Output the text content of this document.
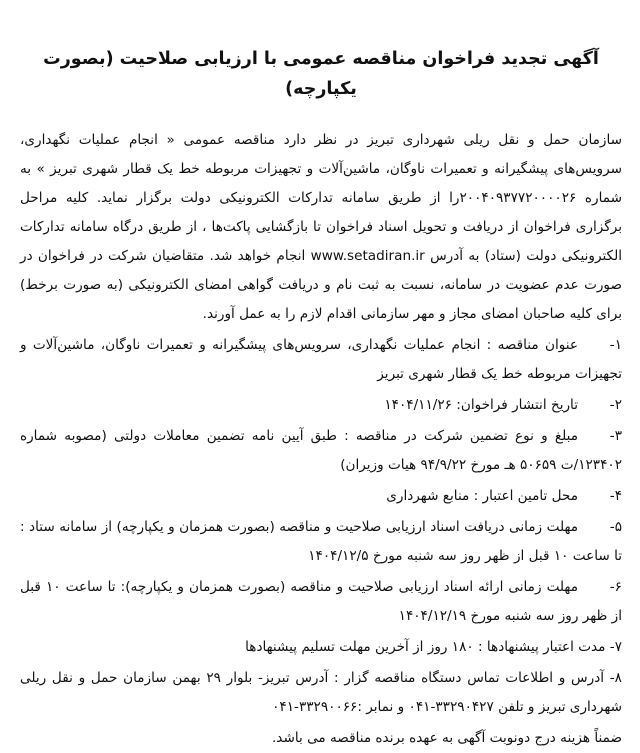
آگهی تجدید فراخوان مناقصه عمومی با ارزیابی صلاحیت (بصورت یکپارچه)

سازمان حمل و نقل ریلی شهرداری تبریز در نظر دارد مناقصه عمومی « انجام عملیات نگهداری، سرویس‌های پیشگیرانه و تعمیرات ناوگان، ماشین‌آلات و تجهیزات مربوطه خط یک قطار شهری تبریز » به شماره ۲۰۰۴۰۹۳۷۷۲۰۰۰۰۲۶را از طریق سامانه تدارکات الکترونیکی دولت برگزار نماید. کلیه مراحل برگزاری فراخوان از دریافت و تحویل اسناد فراخوان تا بازگشایی پاکت‌ها ، از طریق درگاه سامانه تدارکات الکترونیکی دولت (ستاد) به آدرس www.setadiran.ir انجام خواهد شد. متقاضیان شرکت در فراخوان در صورت عدم عضویت در سامانه، نسبت به ثبت نام و دریافت گواهی امضای الکترونیکی (به صورت برخط) برای کلیه صاحبان امضای مجاز و مهر سازمانی اقدام لازم را به عمل آورند.

۱-عنوان مناقصه : انجام عملیات نگهداری، سرویس‌های پیشگیرانه و تعمیرات ناوگان، ماشین‌آلات و تجهیزات مربوطه خط یک قطار شهری تبریز

۲-تاریخ انتشار فراخوان: ۱۴۰۴/۱۱/۲۶

۳-مبلغ و نوع تضمین شرکت در مناقصه : طبق آیین نامه تضمین معاملات دولتی (مصوبه شماره ۱۲۳۴۰۲/ت ۵۰۶۵۹ هـ مورخ ۹۴/۹/۲۲ هیات وزیران)

۴-محل تامین اعتبار : منابع شهرداری

۵-مهلت زمانی دریافت اسناد ارزیابی صلاحیت و مناقصه (بصورت همزمان و یکپارچه) از سامانه ستاد : تا ساعت ۱۰ قبل از ظهر روز سه شنبه مورخ ۱۴۰۴/۱۲/۵

۶-مهلت زمانی ارائه اسناد ارزیابی صلاحیت و مناقصه (بصورت همزمان و یکپارچه): تا ساعت ۱۰ قبل از ظهر روز سه شنبه مورخ ۱۴۰۴/۱۲/۱۹

۷- مدت اعتبار پیشنهادها : ۱۸۰ روز از آخرین مهلت تسلیم پیشنهادها

۸- آدرس و اطلاعات تماس دستگاه مناقصه گزار : آدرس تبریز- بلوار ۲۹ بهمن سازمان حمل و نقل ریلی شهرداری تبریز و تلفن ۳۳۲۹۰۴۲۷-۰۴۱ و نمابر :۳۳۲۹۰۰۶۶-۰۴۱

ضمناً هزینه درج دونوبت آگهی به عهده برنده مناقصه می باشد.
